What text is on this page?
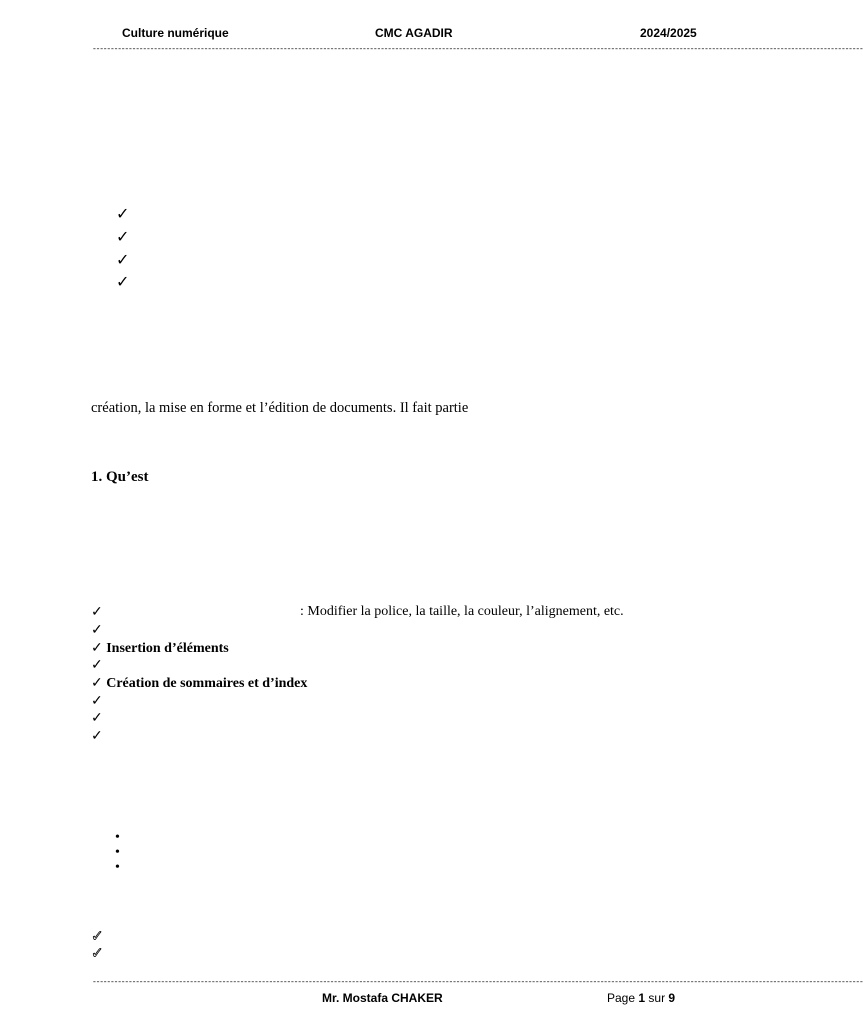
Culture numérique	CMC AGADIR	2024/2025
----------------------------------------------------------------------------------------------------------------------------------------------------------------------------------------------------------------------
✓
✓
✓
✓
création, la mise en forme et l’édition de documents. Il fait partie
1. Qu’est
✓	: Modifier la police, la taille, la couleur, l’alignement, etc.
✓
✓ Insertion d’éléments
✓
✓ Création de sommaires et d’index
✓
✓
✓
•
•
•
✓
✓
----------------------------------------------------------------------------------------------------------------------------------------------------------------------------------------------------------------------
Mr. Mostafa CHAKER	Page 1 sur 9
